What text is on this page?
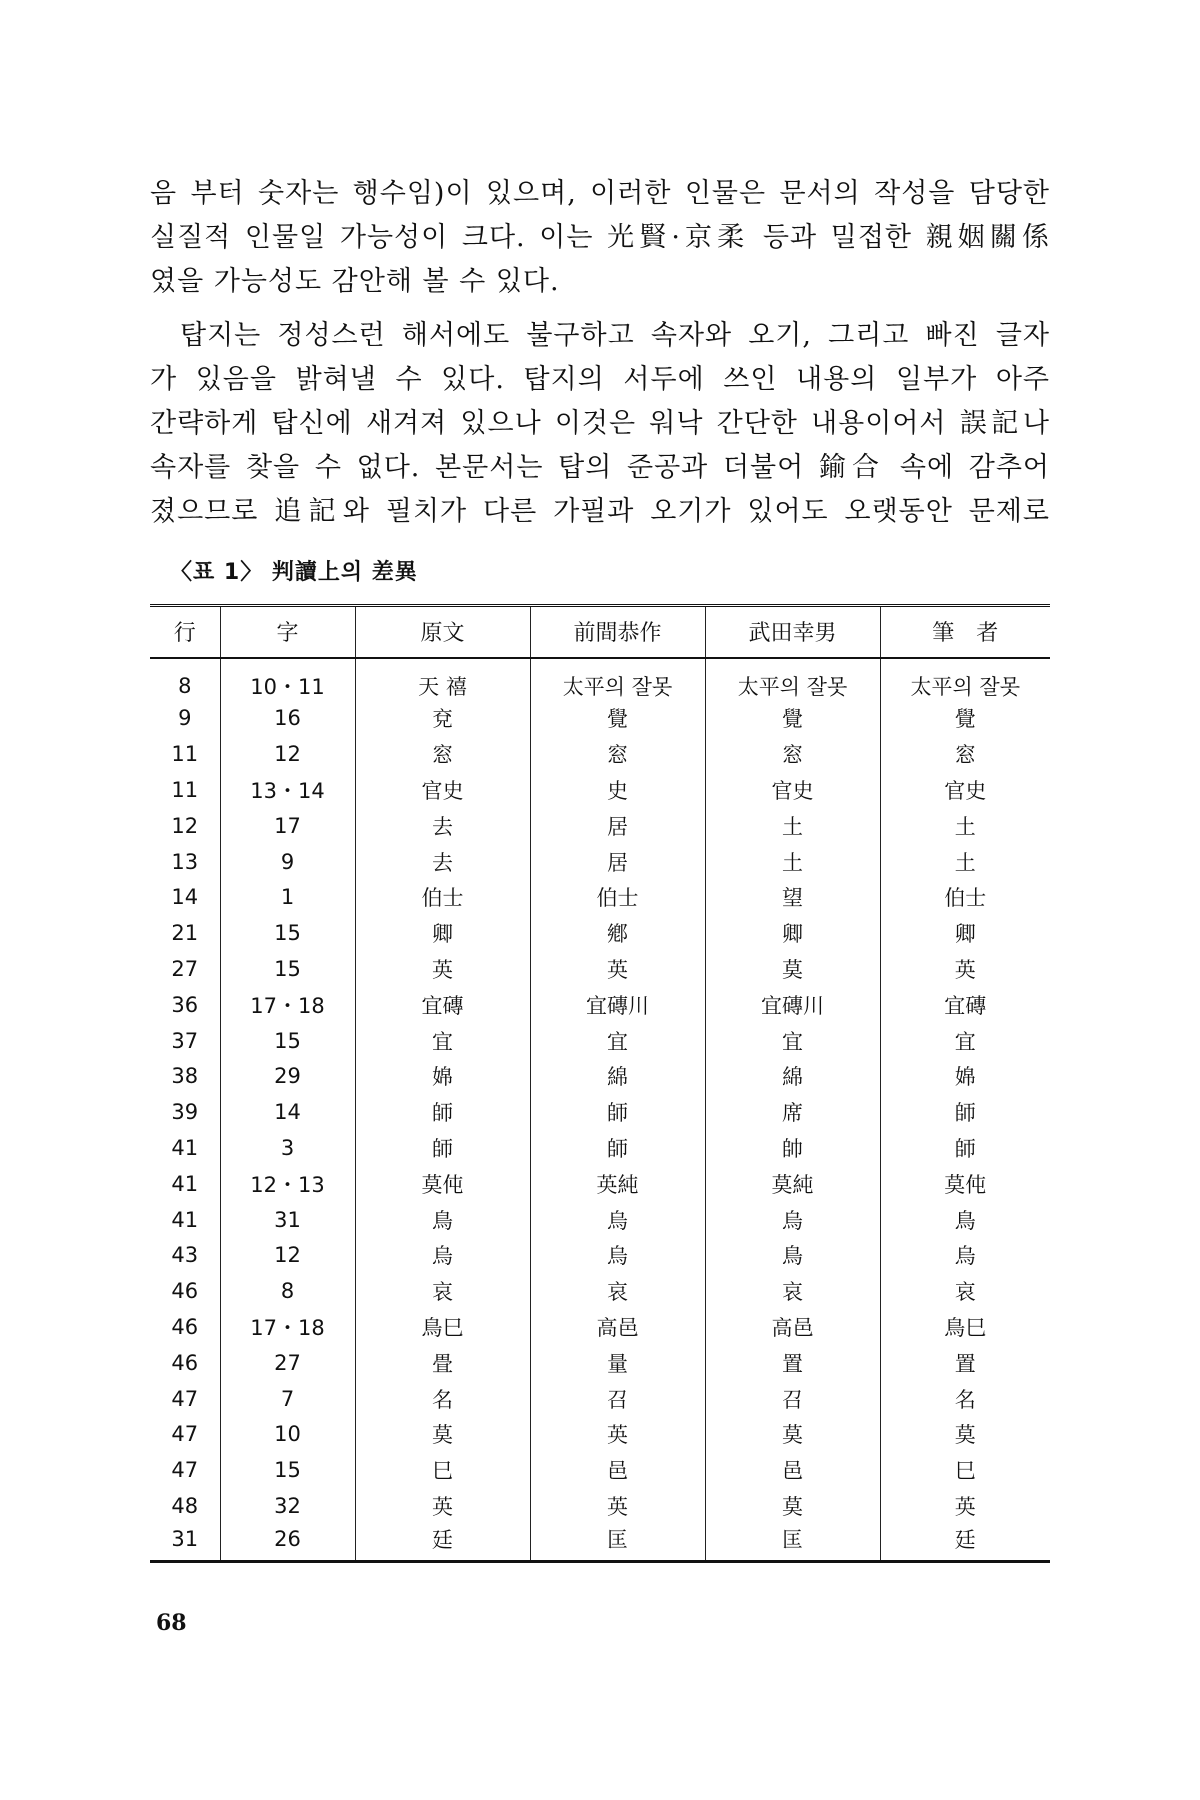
음 부터 숫자는 행수임)이 있으며, 이러한 인물은 문서의 작성을 담당한
실질적 인물일 가능성이 크다. 이는 光賢·京柔 등과 밀접한 親姻關係
였을 가능성도 감안해 볼 수 있다.
탑지는 정성스런 해서에도 불구하고 속자와 오기, 그리고 빠진 글자
가 있음을 밝혀낼 수 있다. 탑지의 서두에 쓰인 내용의 일부가 아주
간략하게 탑신에 새겨져 있으나 이것은 워낙 간단한 내용이어서 誤記나
속자를 찾을 수 없다. 본문서는 탑의 준공과 더불어 鍮合 속에 감추어
졌으므로 追記와 필치가 다른 가필과 오기가 있어도 오랫동안 문제로
〈표 1〉 判讀上의 差異
行	字	原文	前間恭作	武田幸男	筆　者
8	10・11	天 禧	太平의 잘못	太平의 잘못	太平의 잘못
9	16	兗	覺	覺	覺
11	12	窓	窓	窓	窓
11	13・14	官史	史	官史	官史
12	17	去	居	土	土
13	9	去	居	土	土
14	1	伯士	伯士	望	伯士
21	15	卿	鄕	卿	卿
27	15	英	英	莫	英
36	17・18	宜磚	宜磚川	宜磚川	宜磚
37	15	宜	宜	宜	宜
38	29	婂	綿	綿	婂
39	14	師	師	席	師
41	3	師	師	帥	師
41	12・13	莫伅	英純	莫純	莫伅
41	31	鳥	烏	烏	鳥
43	12	烏	烏	鳥	烏
46	8	哀	哀	哀	哀
46	17・18	鳥巳	高邑	高邑	鳥巳
46	27	畳	量	置	置
47	7	名	召	召	名
47	10	莫	英	莫	莫
47	15	巳	邑	邑	巳
48	32	英	英	莫	英
31	26	廷	匡	匡	廷
68
